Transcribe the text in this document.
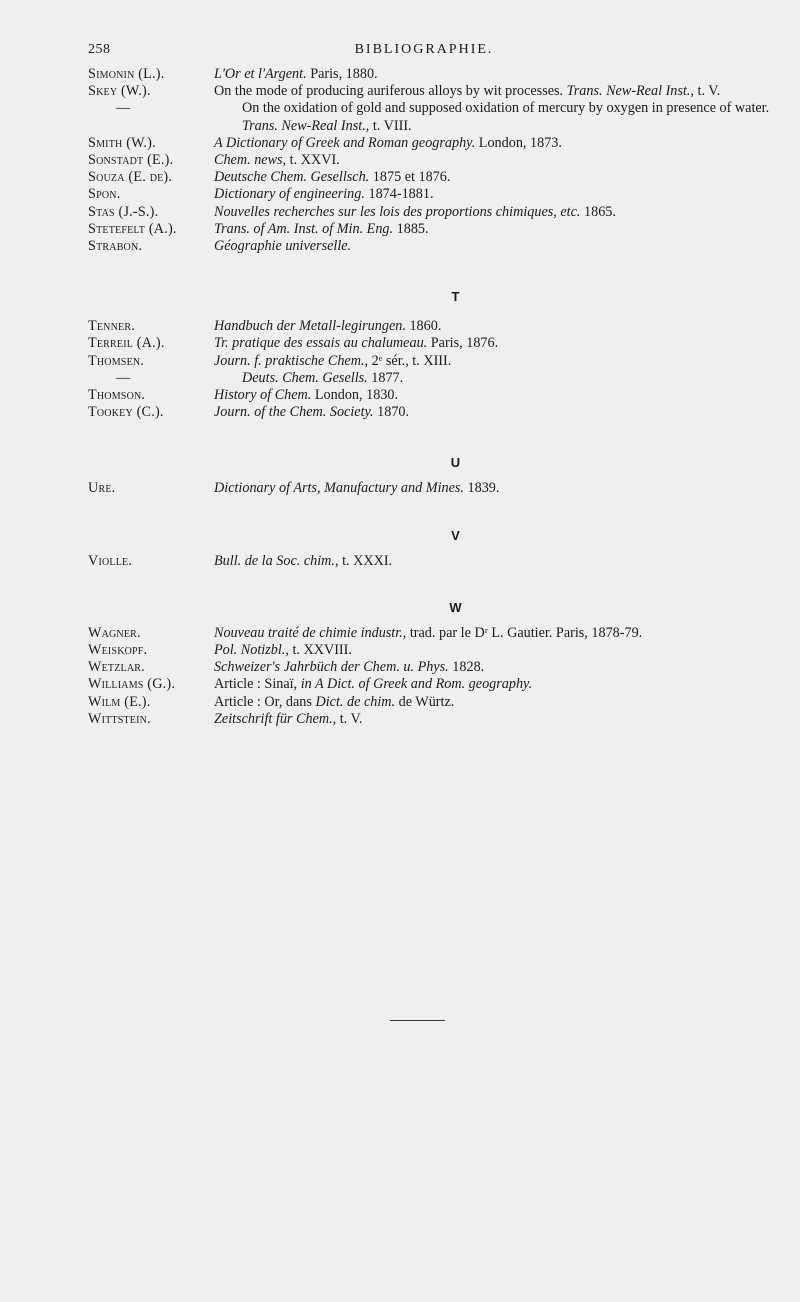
258	BIBLIOGRAPHIE.
Simonin (L.).	L'Or et l'Argent. Paris, 1880.
Skey (W.).	On the mode of producing auriferous alloys by wit processes. Trans. New-Real Inst., t. V.
—	On the oxidation of gold and supposed oxidation of mercury by oxygen in presence of water. Trans. New-Real Inst., t. VIII.
Smith (W.).	A Dictionary of Greek and Roman geography. London, 1873.
Sonstadt (E.).	Chem. news, t. XXVI.
Souza (E. de).	Deutsche Chem. Gesellsch. 1875 et 1876.
Spon.	Dictionary of engineering. 1874-1881.
Stas (J.-S.).	Nouvelles recherches sur les lois des proportions chimiques, etc. 1865.
Stetefelt (A.).	Trans. of Am. Inst. of Min. Eng. 1885.
Strabon.	Géographie universelle.
T
Tenner.	Handbuch der Metall-legirungen. 1860.
Terreil (A.).	Tr. pratique des essais au chalumeau. Paris, 1876.
Thomsen.	Journ. f. praktische Chem., 2ᵉ sér., t. XIII.
—	Deuts. Chem. Gesells. 1877.
Thomson.	History of Chem. London, 1830.
Tookey (C.).	Journ. of the Chem. Society. 1870.
U
Ure.	Dictionary of Arts, Manufactury and Mines. 1839.
V
Violle.	Bull. de la Soc. chim., t. XXXI.
W
Wagner.	Nouveau traité de chimie industr., trad. par le Dʳ L. Gautier. Paris, 1878-79.
Weiskopf.	Pol. Notizbl., t. XXVIII.
Wetzlar.	Schweizer's Jahrbüch der Chem. u. Phys. 1828.
Williams (G.).	Article : Sinaï, in A Dict. of Greek and Rom. geography.
Wilm (E.).	Article : Or, dans Dict. de chim. de Würtz.
Wittstein.	Zeitschrift für Chem., t. V.
